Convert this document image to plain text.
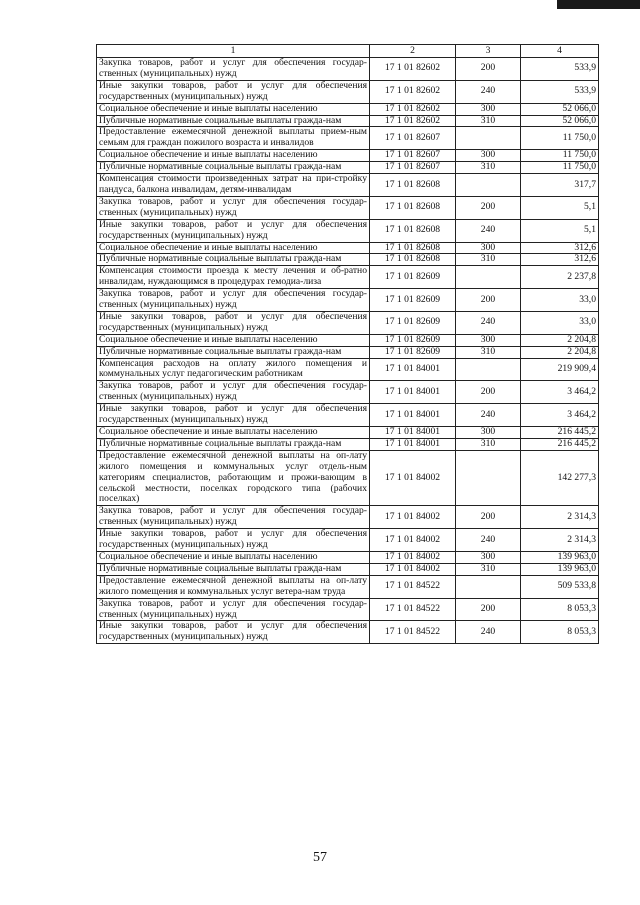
1	2	3	4
Закупка товаров, работ и услуг для обеспечения государ-ственных (муниципальных) нужд	17 1 01 82602	200	533,9
Иные закупки товаров, работ и услуг для обеспечения государственных (муниципальных) нужд	17 1 01 82602	240	533,9
Социальное обеспечение и иные выплаты населению	17 1 01 82602	300	52 066,0
Публичные нормативные социальные выплаты гражда-нам	17 1 01 82602	310	52 066,0
Предоставление ежемесячной денежной выплаты прием-ным семьям для граждан пожилого возраста и инвалидов	17 1 01 82607		11 750,0
Социальное обеспечение и иные выплаты населению	17 1 01 82607	300	11 750,0
Публичные нормативные социальные выплаты гражда-нам	17 1 01 82607	310	11 750,0
Компенсация стоимости произведенных затрат на при-стройку пандуса, балкона инвалидам, детям-инвалидам	17 1 01 82608		317,7
Закупка товаров, работ и услуг для обеспечения государ-ственных (муниципальных) нужд	17 1 01 82608	200	5,1
Иные закупки товаров, работ и услуг для обеспечения государственных (муниципальных) нужд	17 1 01 82608	240	5,1
Социальное обеспечение и иные выплаты населению	17 1 01 82608	300	312,6
Публичные нормативные социальные выплаты гражда-нам	17 1 01 82608	310	312,6
Компенсация стоимости проезда к месту лечения и об-ратно инвалидам, нуждающимся в процедурах гемодиа-лиза	17 1 01 82609		2 237,8
Закупка товаров, работ и услуг для обеспечения государ-ственных (муниципальных) нужд	17 1 01 82609	200	33,0
Иные закупки товаров, работ и услуг для обеспечения государственных (муниципальных) нужд	17 1 01 82609	240	33,0
Социальное обеспечение и иные выплаты населению	17 1 01 82609	300	2 204,8
Публичные нормативные социальные выплаты гражда-нам	17 1 01 82609	310	2 204,8
Компенсация расходов на оплату жилого помещения и коммунальных услуг педагогическим работникам	17 1 01 84001		219 909,4
Закупка товаров, работ и услуг для обеспечения государ-ственных (муниципальных) нужд	17 1 01 84001	200	3 464,2
Иные закупки товаров, работ и услуг для обеспечения государственных (муниципальных) нужд	17 1 01 84001	240	3 464,2
Социальное обеспечение и иные выплаты населению	17 1 01 84001	300	216 445,2
Публичные нормативные социальные выплаты гражда-нам	17 1 01 84001	310	216 445,2
Предоставление ежемесячной денежной выплаты на оп-лату жилого помещения и коммунальных услуг отдель-ным категориям специалистов, работающим и прожи-вающим в сельской местности, поселках городского типа (рабочих поселках)	17 1 01 84002		142 277,3
Закупка товаров, работ и услуг для обеспечения государ-ственных (муниципальных) нужд	17 1 01 84002	200	2 314,3
Иные закупки товаров, работ и услуг для обеспечения государственных (муниципальных) нужд	17 1 01 84002	240	2 314,3
Социальное обеспечение и иные выплаты населению	17 1 01 84002	300	139 963,0
Публичные нормативные социальные выплаты гражда-нам	17 1 01 84002	310	139 963,0
Предоставление ежемесячной денежной выплаты на оп-лату жилого помещения и коммунальных услуг ветера-нам труда	17 1 01 84522		509 533,8
Закупка товаров, работ и услуг для обеспечения государ-ственных (муниципальных) нужд	17 1 01 84522	200	8 053,3
Иные закупки товаров, работ и услуг для обеспечения государственных (муниципальных) нужд	17 1 01 84522	240	8 053,3
57
